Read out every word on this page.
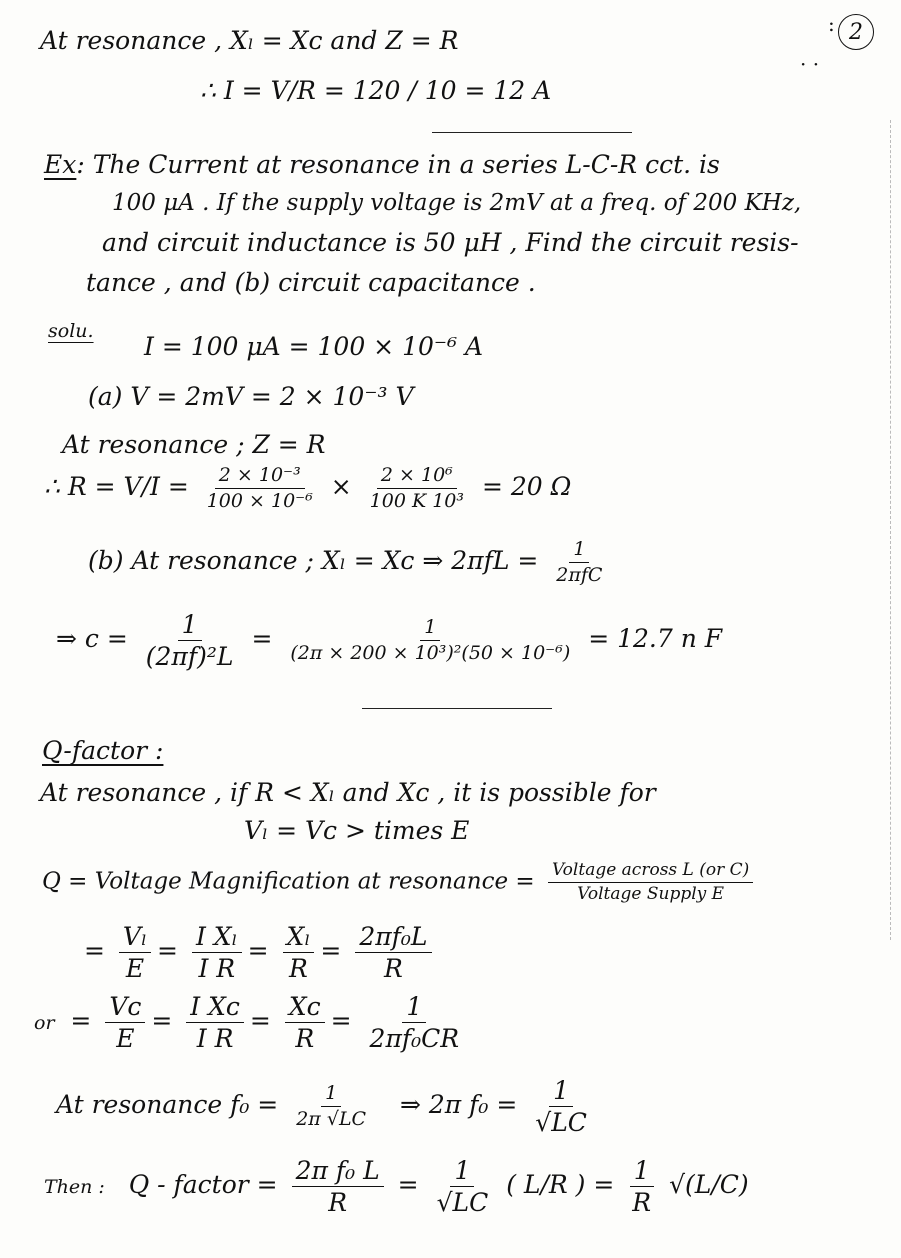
2
:
· ·
At resonance , Xₗ = Xᴄ and Z = R
∴ I = V/R = 120 / 10 = 12 A
Ex: The Current at resonance in a series L-C-R cct. is
100 μA . If the supply voltage is 2mV at a freq. of 200 KHz,
and circuit inductance is 50 μH , Find the circuit resis-
tance , and (b) circuit capacitance .
solu.
I = 100 μA = 100 × 10⁻⁶ A
(a) V = 2mV = 2 × 10⁻³ V
At resonance ; Z = R
∴ $R = V/I = \frac{\text{2 × 10⁻³}}{\text{100 × 10⁻⁶}} \times \frac{\text{2 × 10⁶}}{\text{100 K 10³}} = 20$ Ω
(b) At resonance ; Xₗ = Xᴄ ⇒ $2\pi fL = \frac{1}{\text{2πfC}}$
⇒ $c = \frac{1}{\text{(2πf)²L}} = \frac{1}{\text{(2π × 200 × 10³)²(50 × 10⁻⁶)}} = 12.7$ n F
Q-factor :
At resonance , if R < Xₗ and Xᴄ , it is possible for
Vₗ = Vᴄ > times E
Q = Voltage Magnification at resonance = $\frac{\text{Voltage across L (or C)}}{\text{Voltage Supply E}}$
= $\frac{\text{Vₗ}}{E} = \frac{\text{I Xₗ}}{\text{I R}} = \frac{\text{Xₗ}}{R} = \frac{\text{2πf₀L}}{R}$
or  = $\frac{\text{Vᴄ}}{E} = \frac{\text{I Xᴄ}}{\text{I R}} = \frac{\text{Xᴄ}}{R} = \frac{1}{\text{2πf₀CR}}$
At resonance $f_0 = \frac{1}{2\pi √LC}$ ⇒ 2π $f_0 = \frac{1}{√LC}$
Then : Q - factor = $\frac{\text{2π f₀ L}}{R} = \frac{1}{√LC}$ ( L/R ) = $\frac{1}{R} √(L/C)$
